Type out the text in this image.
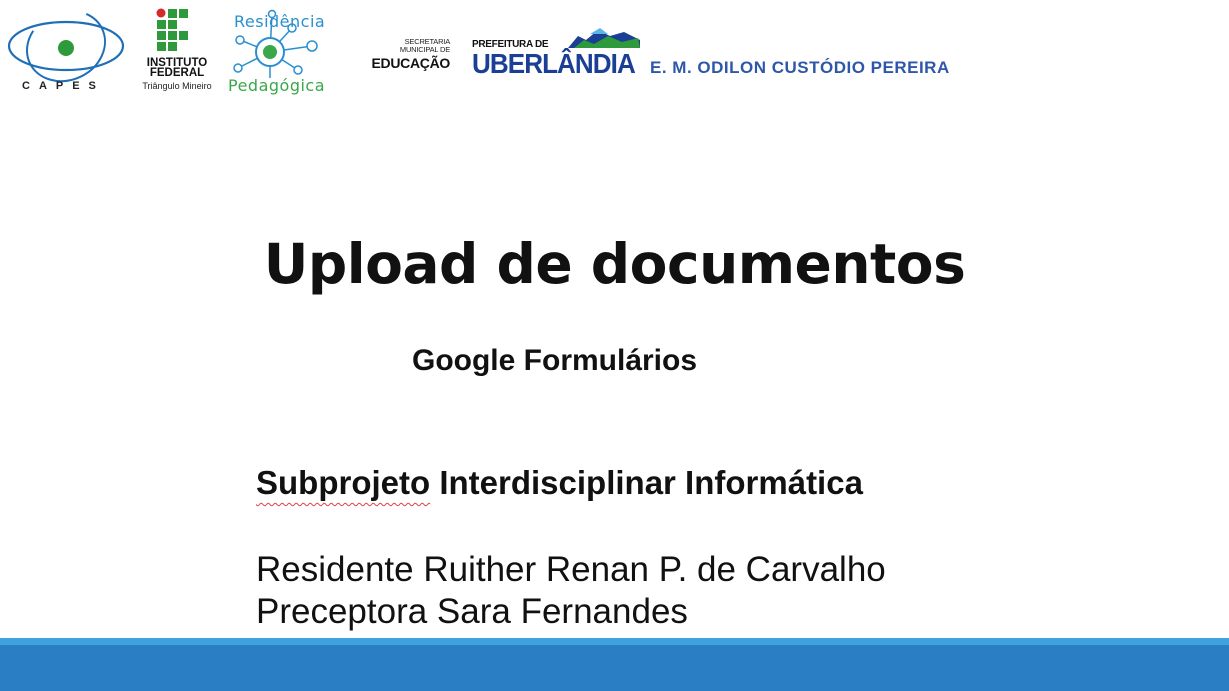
CAPES
INSTITUTO
FEDERAL
Triângulo Mineiro
Residência
Pedagógica
SECRETARIA
MUNICIPAL DE
EDUCAÇÃO
PREFEITURA DE
UBERLÂNDIA E. M. ODILON CUSTÓDIO PEREIRA
Upload de documentos
Google Formulários
Subprojeto Interdisciplinar Informática
Residente Ruither Renan P. de Carvalho
Preceptora Sara Fernandes
